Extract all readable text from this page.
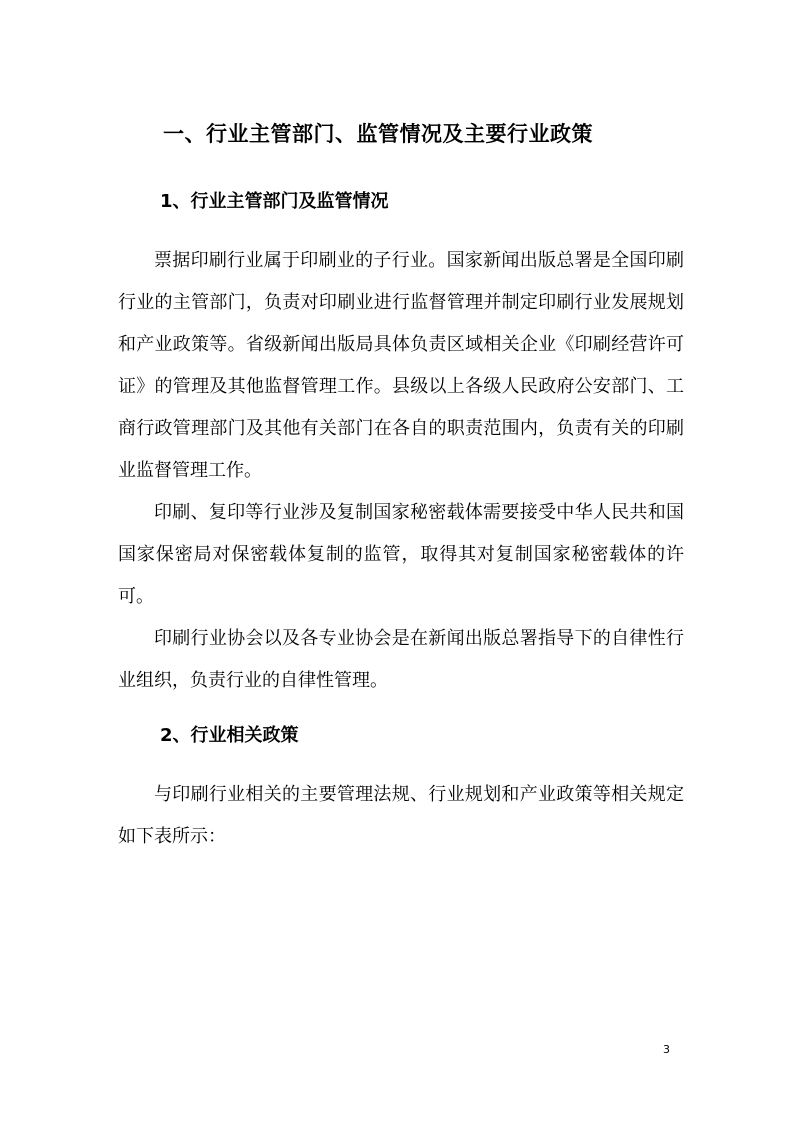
一、行业主管部门、监管情况及主要行业政策
1、行业主管部门及监管情况
票据印刷行业属于印刷业的子行业。国家新闻出版总署是全国印刷行业的主管部门，负责对印刷业进行监督管理并制定印刷行业发展规划和产业政策等。省级新闻出版局具体负责区域相关企业《印刷经营许可证》的管理及其他监督管理工作。县级以上各级人民政府公安部门、工商行政管理部门及其他有关部门在各自的职责范围内，负责有关的印刷业监督管理工作。
印刷、复印等行业涉及复制国家秘密载体需要接受中华人民共和国国家保密局对保密载体复制的监管，取得其对复制国家秘密载体的许可。
印刷行业协会以及各专业协会是在新闻出版总署指导下的自律性行业组织，负责行业的自律性管理。
2、行业相关政策
与印刷行业相关的主要管理法规、行业规划和产业政策等相关规定如下表所示：
3
